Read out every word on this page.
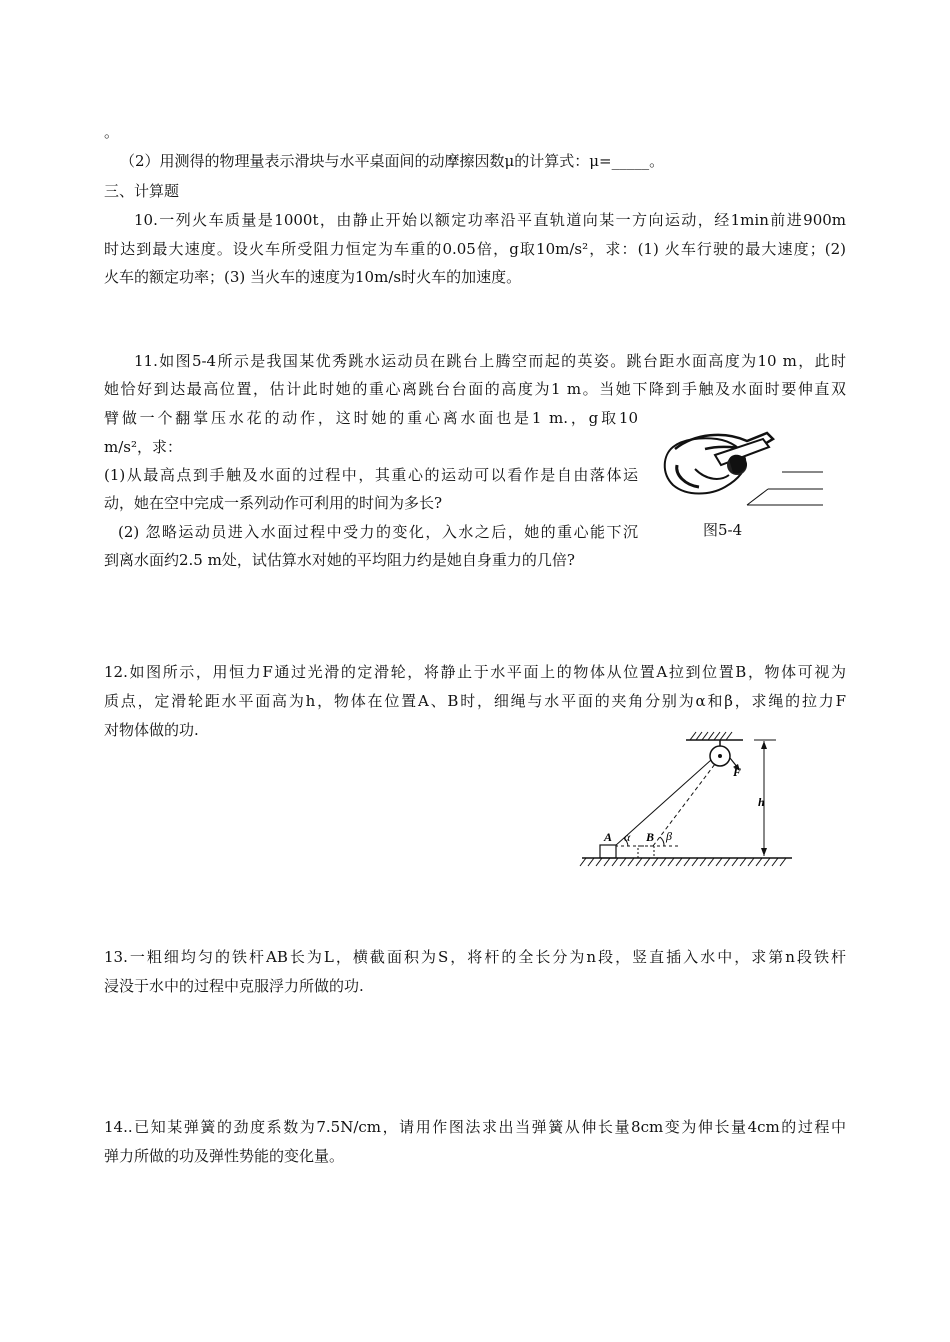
。
（2）用测得的物理量表示滑块与水平桌面间的动摩擦因数μ的计算式：μ=_____。
三、计算题
10.一列火车质量是1000t，由静止开始以额定功率沿平直轨道向某一方向运动，经1min前进900m
时达到最大速度。设火车所受阻力恒定为车重的0.05倍，g取10m/s²，求：(1) 火车行驶的最大速度；(2)
火车的额定功率；(3) 当火车的速度为10m/s时火车的加速度。
11.如图5-4所示是我国某优秀跳水运动员在跳台上腾空而起的英姿。跳台距水面高度为10 m，此时
她恰好到达最高位置，估计此时她的重心离跳台台面的高度为1 m。当她下降到手触及水面时要伸直双
臂做一个翻掌压水花的动作，这时她的重心离水面也是1 m.，g取10
m/s²，求：
(1)从最高点到手触及水面的过程中，其重心的运动可以看作是自由落体运
动，她在空中完成一系列动作可利用的时间为多长?
(2) 忽略运动员进入水面过程中受力的变化，入水之后，她的重心能下沉
到离水面约2.5 m处，试估算水对她的平均阻力约是她自身重力的几倍?
图5-4
12.如图所示，用恒力F通过光滑的定滑轮，将静止于水平面上的物体从位置A拉到位置B，物体可视为
质点，定滑轮距水平面高为h，物体在位置A、B时，细绳与水平面的夹角分别为α和β，求绳的拉力F
对物体做的功.
F
h
A α B β
13.一粗细均匀的铁杆AB长为L，横截面积为S，将杆的全长分为n段，竖直插入水中，求第n段铁杆
浸没于水中的过程中克服浮力所做的功.
14..已知某弹簧的劲度系数为7.5N/cm，请用作图法求出当弹簧从伸长量8cm变为伸长量4cm的过程中
弹力所做的功及弹性势能的变化量。
